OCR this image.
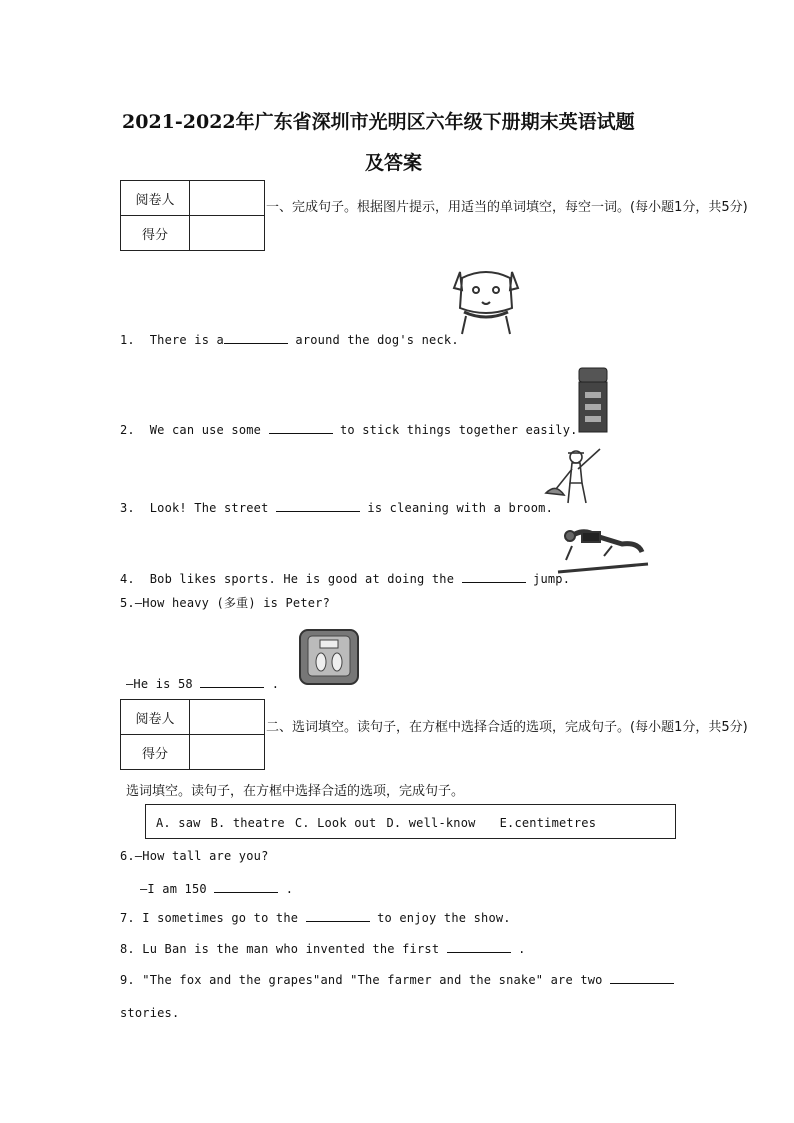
2021-2022年广东省深圳市光明区六年级下册期末英语试题
及答案
阅卷人	
得分	
一、完成句子。根据图片提示，用适当的单词填空，每空一词。(每小题1分，共5分)
1. There is a	around the dog's neck.
2. We can use some	to stick things together easily.
3. Look! The street	is cleaning with a broom.
4. Bob likes sports. He is good at doing the	jump.
5.—How heavy (多重) is Peter?
—He is 58	.
阅卷人	
得分	
二、选词填空。读句子，在方框中选择合适的选项，完成句子。(每小题1分，共5分)
选词填空。读句子，在方框中选择合适的选项，完成句子。
A. saw B. theatre C. Look out D. well-know E.centimetres
6.—How tall are you?
—I am 150	.
7. I sometimes go to the	to enjoy the show.
8. Lu Ban is the man who invented the first	.
9. "The fox and the grapes"and "The farmer and the snake" are two
stories.
